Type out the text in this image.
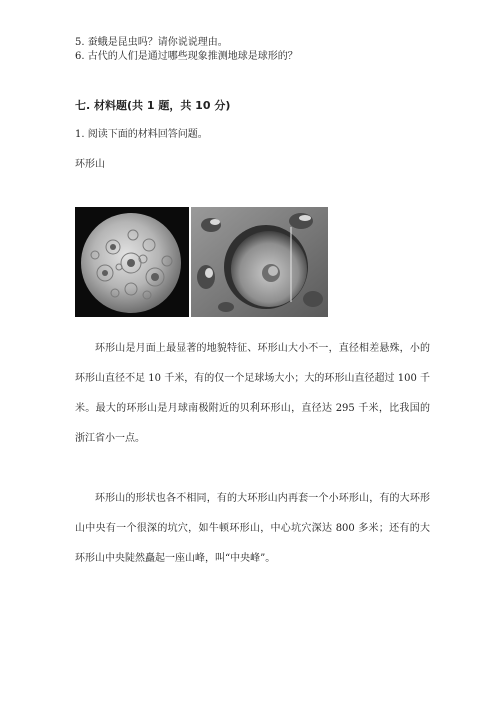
5. 蚕蛾是昆虫吗？请你说说理由。
6. 古代的人们是通过哪些现象推测地球是球形的？
七. 材料题(共 1 题，共 10 分)
1. 阅读下面的材料回答问题。
环形山

环形山是月面上最显著的地貌特征、环形山大小不一，直径相差悬殊，小的环形山直径不足 10 千米，有的仅一个足球场大小；大的环形山直径超过 100 千米。最大的环形山是月球南极附近的贝利环形山，直径达 295 千米，比我国的浙江省小一点。

环形山的形状也各不相同，有的大环形山内再套一个小环形山，有的大环形山中央有一个很深的坑穴，如牛顿环形山，中心坑穴深达 800 多米；还有的大环形山中央陡然矗起一座山峰，叫“中央峰”。
